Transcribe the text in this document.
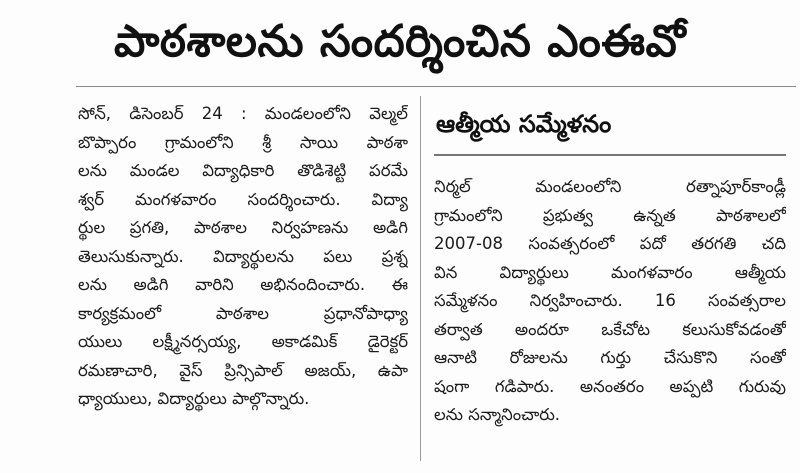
పాఠశాలను సందర్శించిన ఎంఈవో
సోన్‌, డిసెంబర్‌ 24 : మండలంలోని వెల్మల్‌
బొప్పారం గ్రామంలోని శ్రీ సాయి పాఠశా
లను మండల విద్యాధికారి తొడిశెట్టి పరమే
శ్వర్‌ మంగళవారం సందర్శించారు. విద్యా
ర్థుల ప్రగతి, పాఠశాల నిర్వహణను అడిగి
తెలుసుకున్నారు. విద్యార్థులను పలు ప్రశ్న
లను అడిగి వారిని అభినందించారు. ఈ
కార్యక్రమంలో పాఠశాల ప్రధానోపాధ్యా
యులు లక్ష్మీనర్సయ్య, అకాడమిక్‌ డైరెక్టర్‌
రమణాచారి, వైస్‌ ప్రిన్సిపాల్‌ అజయ్‌, ఉపా
ధ్యాయులు, విద్యార్థులు పాల్గొన్నారు.
ఆత్మీయ సమ్మేళనం
నిర్మల్‌ మండలంలోని రత్నాపూర్‌కాండ్లీ
గ్రామంలోని ప్రభుత్వ ఉన్నత పాఠశాలలో
2007-08 సంవత్సరంలో పదో తరగతి చది
విన విద్యార్థులు మంగళవారం ఆత్మీయ
సమ్మేళనం నిర్వహించారు. 16 సంవత్సరాల
తర్వాత అందరూ ఒకేచోట కలుసుకోవడంతో
ఆనాటి రోజులను గుర్తు చేసుకొని సంతో
షంగా గడిపారు. అనంతరం అప్పటి గురువు
లను సన్మానించారు.
